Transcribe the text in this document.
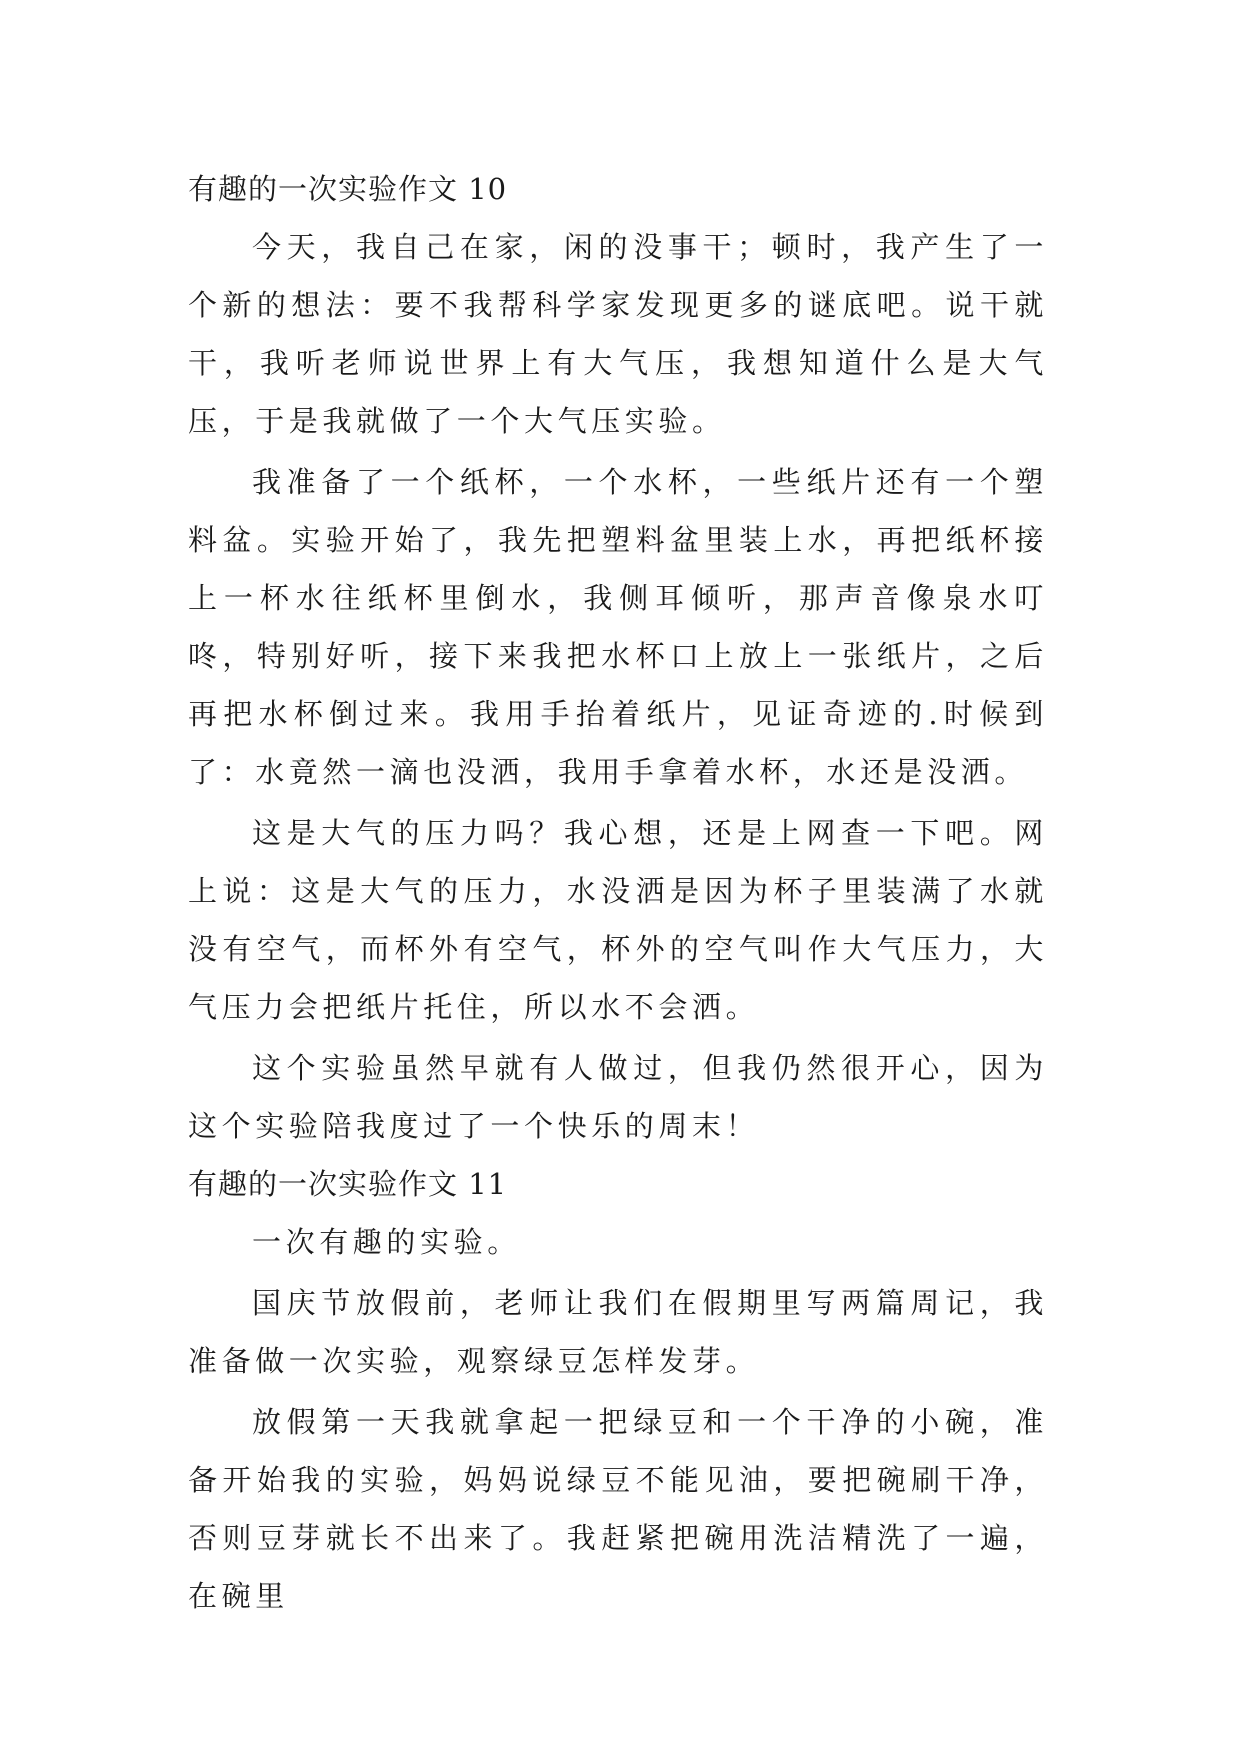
有趣的一次实验作文 10

今天，我自己在家，闲的没事干；顿时，我产生了一个新的想法：要不我帮科学家发现更多的谜底吧。说干就干，我听老师说世界上有大气压，我想知道什么是大气压，于是我就做了一个大气压实验。

我准备了一个纸杯，一个水杯，一些纸片还有一个塑料盆。实验开始了，我先把塑料盆里装上水，再把纸杯接上一杯水往纸杯里倒水，我侧耳倾听，那声音像泉水叮咚，特别好听，接下来我把水杯口上放上一张纸片，之后再把水杯倒过来。我用手抬着纸片，见证奇迹的.时候到了：水竟然一滴也没洒，我用手拿着水杯，水还是没洒。

这是大气的压力吗？我心想，还是上网查一下吧。网上说：这是大气的压力，水没洒是因为杯子里装满了水就没有空气，而杯外有空气，杯外的空气叫作大气压力，大气压力会把纸片托住，所以水不会洒。

这个实验虽然早就有人做过，但我仍然很开心，因为这个实验陪我度过了一个快乐的周末！

有趣的一次实验作文 11

一次有趣的实验。

国庆节放假前，老师让我们在假期里写两篇周记，我准备做一次实验，观察绿豆怎样发芽。

放假第一天我就拿起一把绿豆和一个干净的小碗，准备开始我的实验，妈妈说绿豆不能见油，要把碗刷干净，否则豆芽就长不出来了。我赶紧把碗用洗洁精洗了一遍，在碗里
